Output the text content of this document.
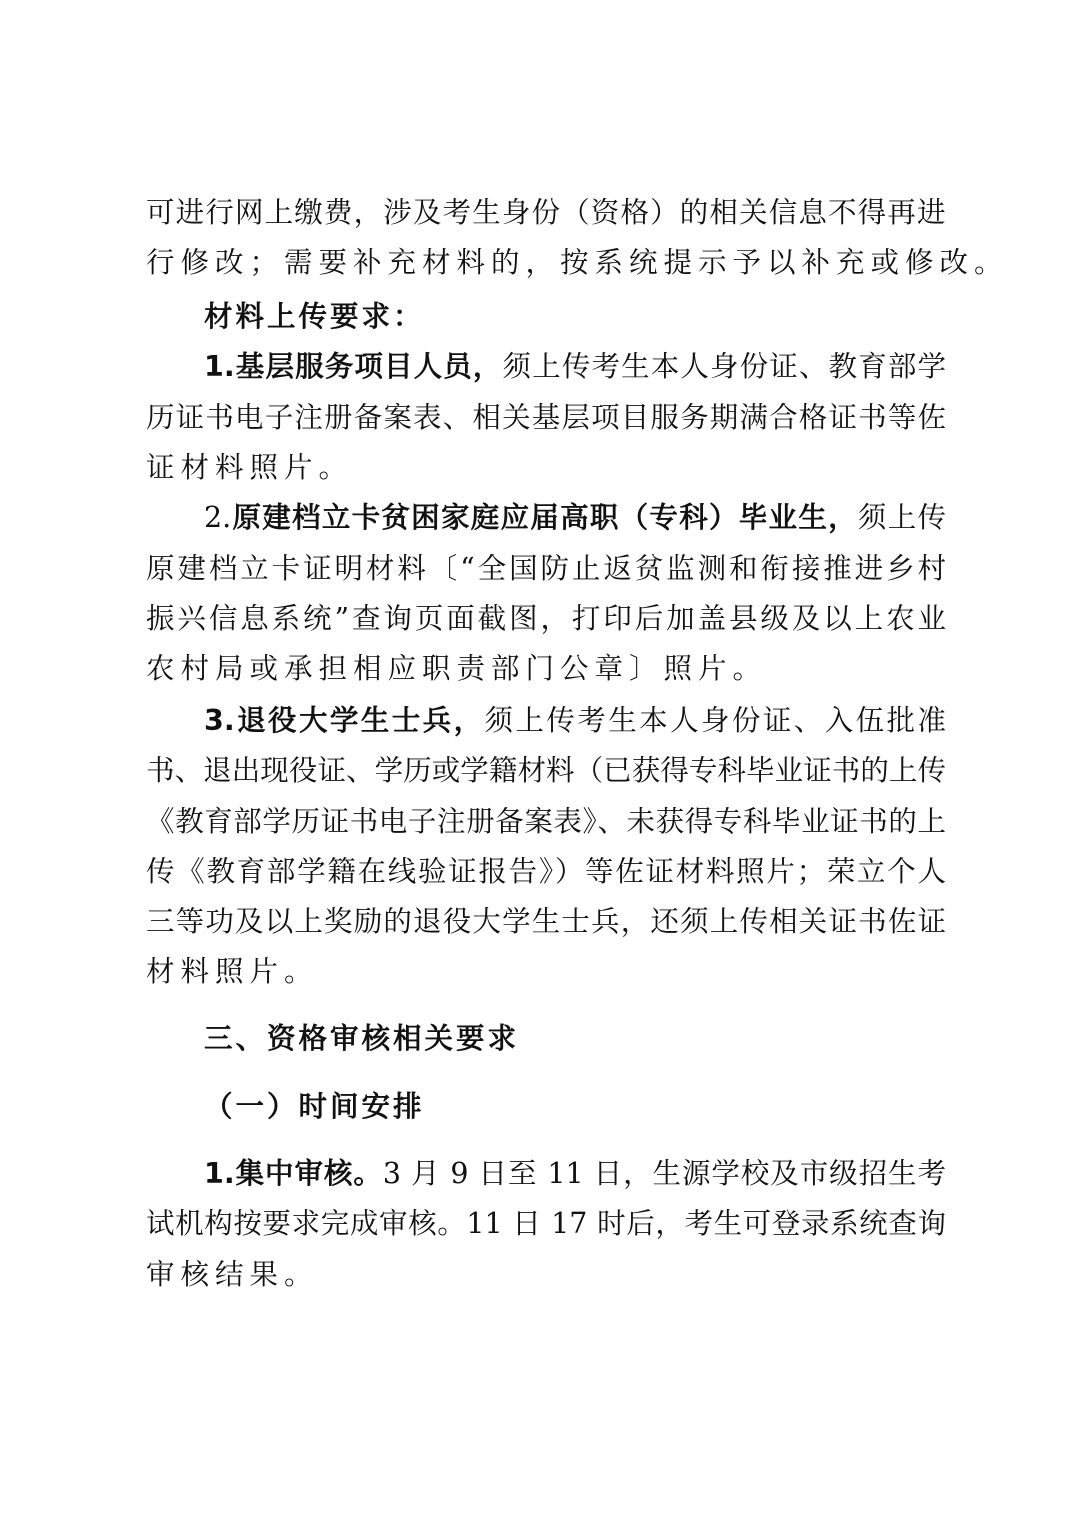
可进行网上缴费，涉及考生身份（资格）的相关信息不得再进
行修改；需要补充材料的，按系统提示予以补充或修改。
材料上传要求：
1.基层服务项目人员，须上传考生本人身份证、教育部学
历证书电子注册备案表、相关基层项目服务期满合格证书等佐
证材料照片。
2.原建档立卡贫困家庭应届高职（专科）毕业生，须上传
原建档立卡证明材料〔“全国防止返贫监测和衔接推进乡村
振兴信息系统”查询页面截图，打印后加盖县级及以上农业
农村局或承担相应职责部门公章〕照片。
3.退役大学生士兵，须上传考生本人身份证、入伍批准
书、退出现役证、学历或学籍材料（已获得专科毕业证书的上传
《教育部学历证书电子注册备案表》、未获得专科毕业证书的上
传《教育部学籍在线验证报告》）等佐证材料照片；荣立个人
三等功及以上奖励的退役大学生士兵，还须上传相关证书佐证
材料照片。
三、资格审核相关要求
（一）时间安排
1.集中审核。3 月 9 日至 11 日，生源学校及市级招生考
试机构按要求完成审核。11 日 17 时后，考生可登录系统查询
审核结果。
